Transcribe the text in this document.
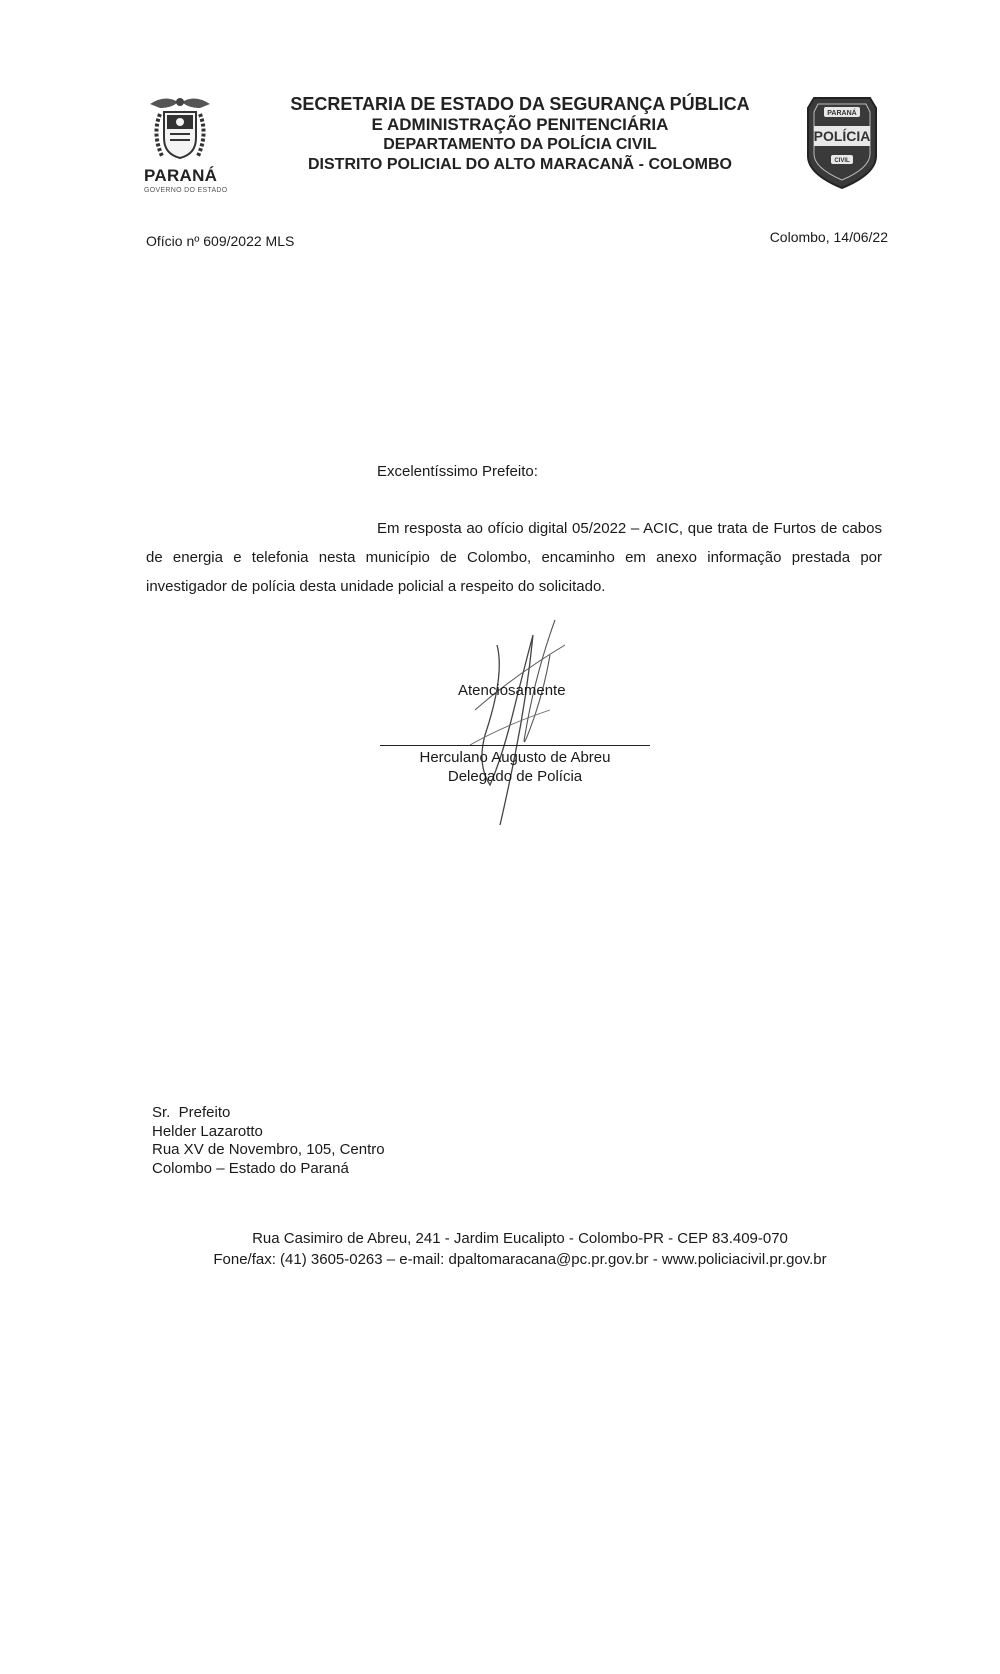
PARANÁ
GOVERNO DO ESTADO
SECRETARIA DE ESTADO DA SEGURANÇA PÚBLICA
E ADMINISTRAÇÃO PENITENCIÁRIA
DEPARTAMENTO DA POLÍCIA CIVIL
DISTRITO POLICIAL DO ALTO MARACANÃ - COLOMBO
PARANÁ
POLÍCIA
CIVIL
Ofício nº 609/2022 MLS	Colombo, 14/06/22
Excelentíssimo Prefeito:
Em resposta ao ofício digital 05/2022 – ACIC, que trata de Furtos de cabos de energia e telefonia nesta município de Colombo, encaminho em anexo informação prestada por investigador de polícia desta unidade policial a respeito do solicitado.
Atenciosamente
Herculano Augusto de Abreu
Delegado de Polícia
Sr.  Prefeito
Helder Lazarotto
Rua XV de Novembro, 105, Centro
Colombo – Estado do Paraná
Rua Casimiro de Abreu, 241 - Jardim Eucalipto - Colombo-PR - CEP 83.409-070
Fone/fax: (41) 3605-0263 – e-mail: dpaltomaracana@pc.pr.gov.br - www.policiacivil.pr.gov.br
